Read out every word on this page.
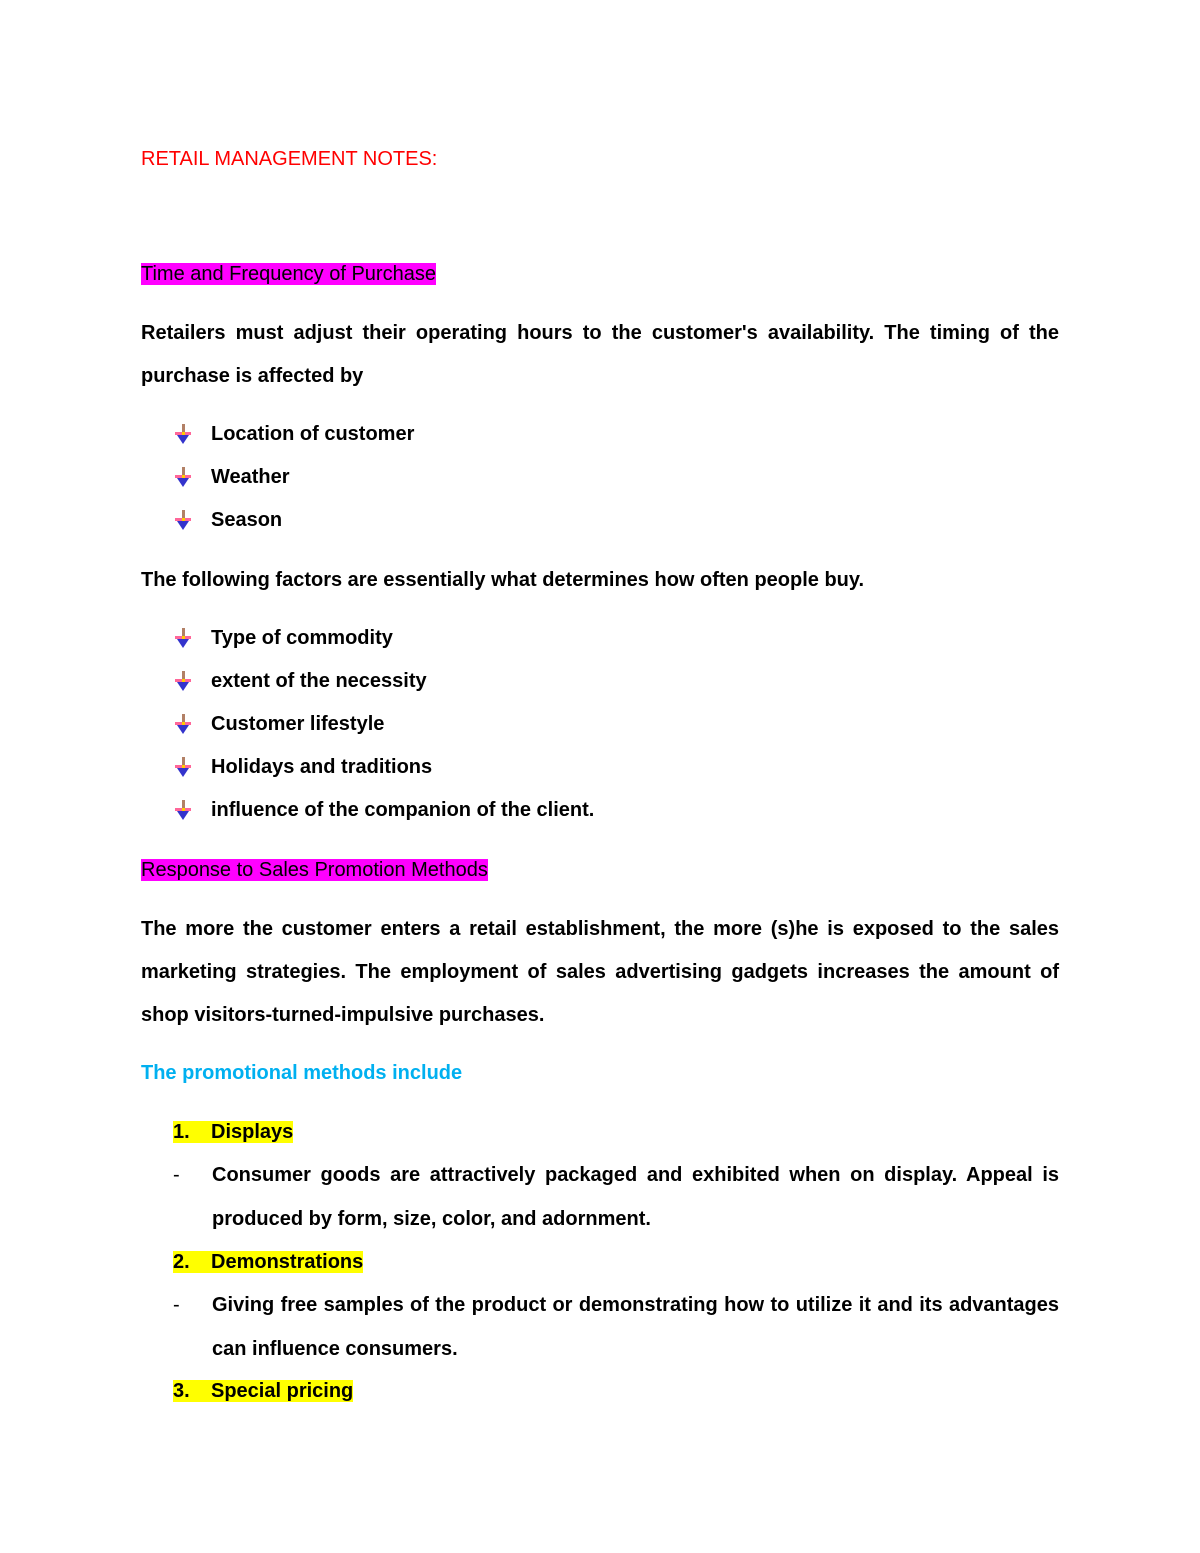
RETAIL MANAGEMENT NOTES:
Time and Frequency of Purchase
Retailers must adjust their operating hours to the customer's availability. The timing of the
purchase is affected by
Location of customer
Weather
Season
The following factors are essentially what determines how often people buy.
Type of commodity
extent of the necessity
Customer lifestyle
Holidays and traditions
influence of the companion of the client.
Response to Sales Promotion Methods
The more the customer enters a retail establishment, the more (s)he is exposed to the sales
marketing strategies. The employment of sales advertising gadgets increases the amount of
shop visitors-turned-impulsive purchases.
The promotional methods include
1. Displays
- Consumer goods are attractively packaged and exhibited when on display. Appeal is
produced by form, size, color, and adornment.
2. Demonstrations
- Giving free samples of the product or demonstrating how to utilize it and its advantages
can influence consumers.
3. Special pricing
